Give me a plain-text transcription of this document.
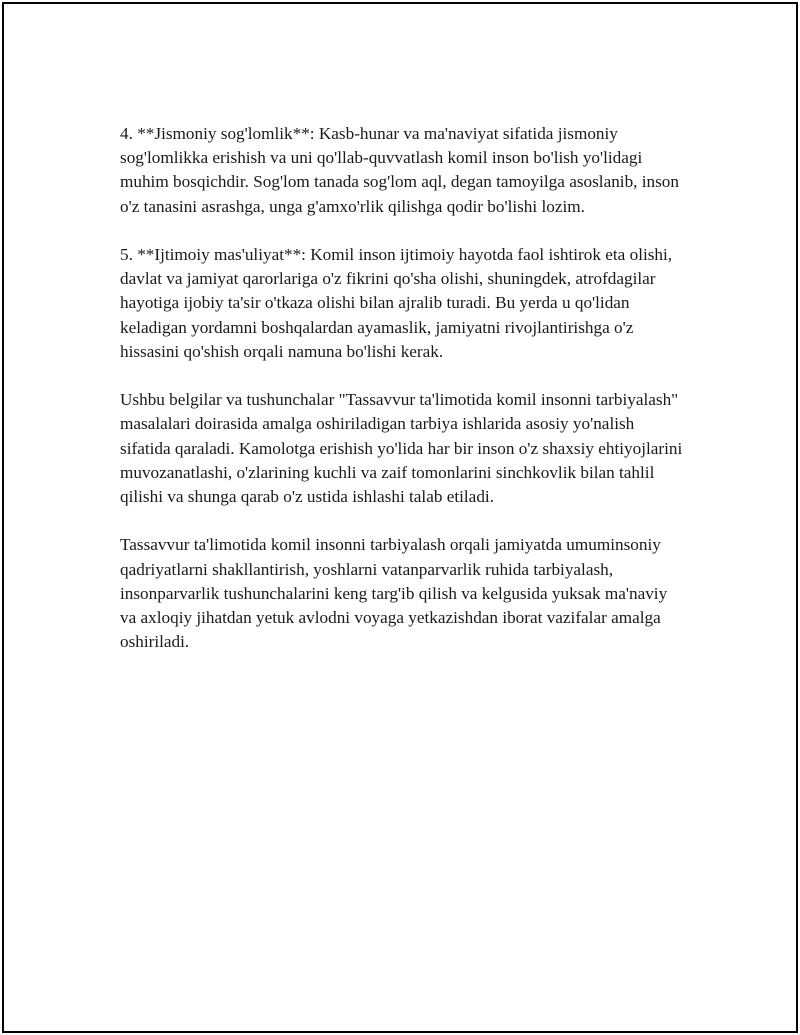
4. **Jismoniy sog'lomlik**: Kasb-hunar va ma'naviyat sifatida jismoniy sog'lomlikka erishish va uni qo'llab-quvvatlash komil inson bo'lish yo'lidagi muhim bosqichdir. Sog'lom tanada sog'lom aql, degan tamoyilga asoslanib, inson o'z tanasini asrashga, unga g'amxo'rlik qilishga qodir bo'lishi lozim.

5. **Ijtimoiy mas'uliyat**: Komil inson ijtimoiy hayotda faol ishtirok eta olishi, davlat va jamiyat qarorlariga o'z fikrini qo'sha olishi, shuningdek, atrofdagilar hayotiga ijobiy ta'sir o'tkaza olishi bilan ajralib turadi. Bu yerda u qo'lidan keladigan yordamni boshqalardan ayamaslik, jamiyatni rivojlantirishga o'z hissasini qo'shish orqali namuna bo'lishi kerak.

Ushbu belgilar va tushunchalar "Tassavvur ta'limotida komil insonni tarbiyalash" masalalari doirasida amalga oshiriladigan tarbiya ishlarida asosiy yo'nalish sifatida qaraladi. Kamolotga erishish yo'lida har bir inson o'z shaxsiy ehtiyojlarini muvozanatlashi, o'zlarining kuchli va zaif tomonlarini sinchkovlik bilan tahlil qilishi va shunga qarab o'z ustida ishlashi talab etiladi.

Tassavvur ta'limotida komil insonni tarbiyalash orqali jamiyatda umuminsoniy qadriyatlarni shakllantirish, yoshlarni vatanparvarlik ruhida tarbiyalash, insonparvarlik tushunchalarini keng targ'ib qilish va kelgusida yuksak ma'naviy va axloqiy jihatdan yetuk avlodni voyaga yetkazishdan iborat vazifalar amalga oshiriladi.
